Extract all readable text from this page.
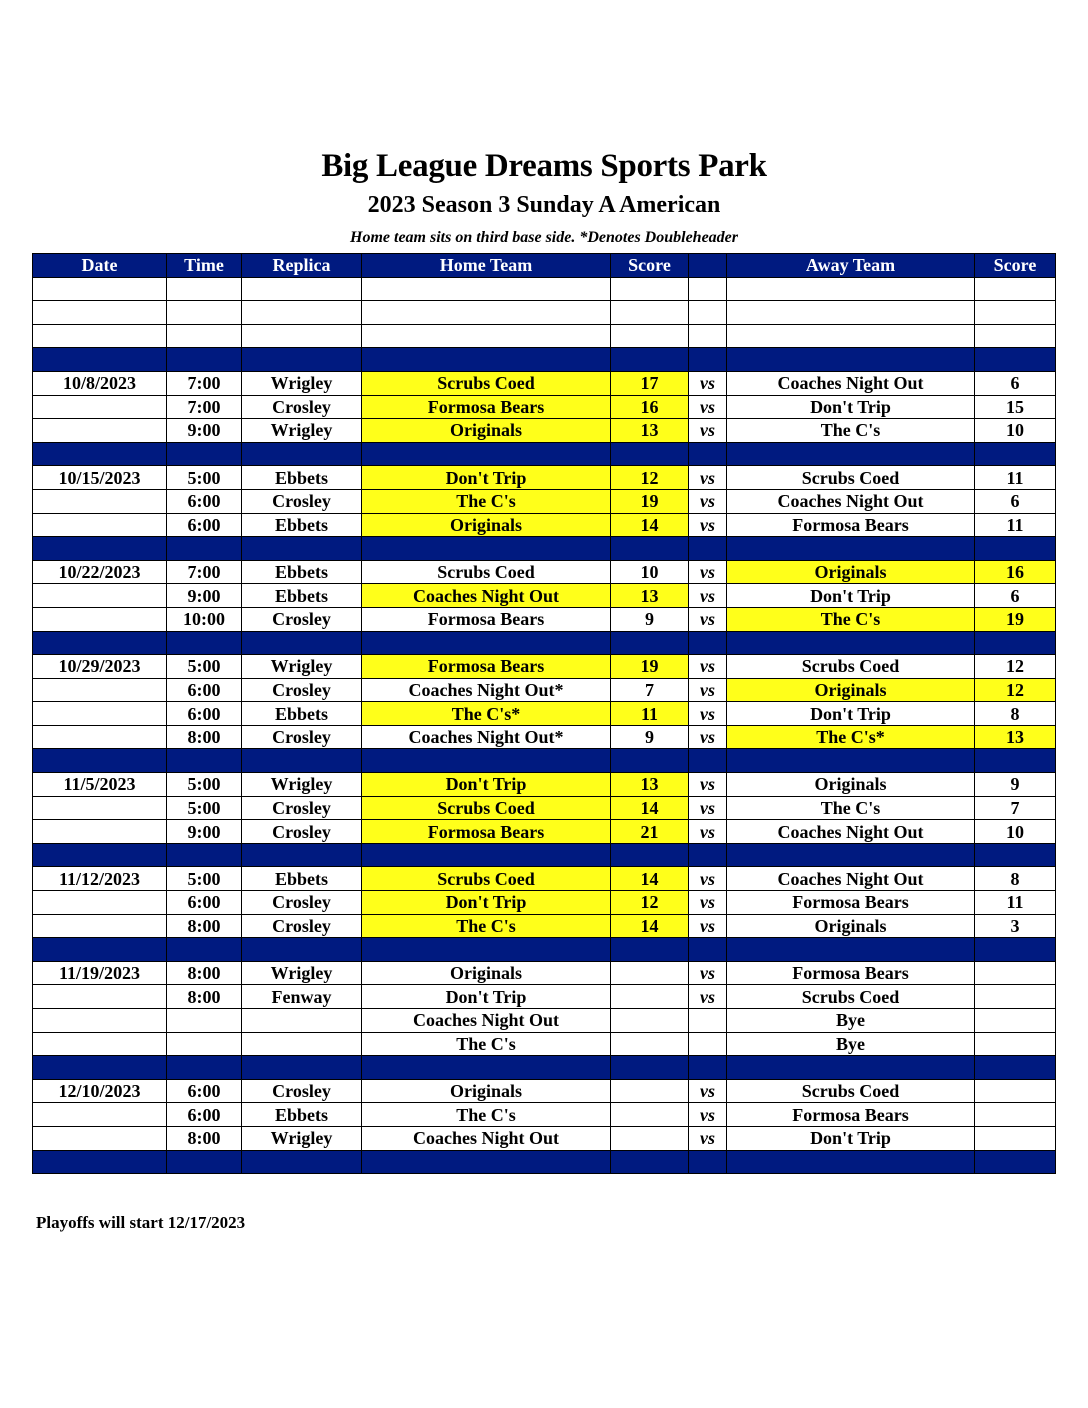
Big League Dreams Sports Park
2023 Season 3 Sunday A American
Home team sits on third base side. *Denotes Doubleheader
Date	Time	Replica	Home Team	Score		Away Team	Score

10/8/2023	7:00	Wrigley	Scrubs Coed	17	vs	Coaches Night Out	6
	7:00	Crosley	Formosa Bears	16	vs	Don't Trip	15
	9:00	Wrigley	Originals	13	vs	The C's	10

10/15/2023	5:00	Ebbets	Don't Trip	12	vs	Scrubs Coed	11
	6:00	Crosley	The C's	19	vs	Coaches Night Out	6
	6:00	Ebbets	Originals	14	vs	Formosa Bears	11

10/22/2023	7:00	Ebbets	Scrubs Coed	10	vs	Originals	16
	9:00	Ebbets	Coaches Night Out	13	vs	Don't Trip	6
	10:00	Crosley	Formosa Bears	9	vs	The C's	19

10/29/2023	5:00	Wrigley	Formosa Bears	19	vs	Scrubs Coed	12
	6:00	Crosley	Coaches Night Out*	7	vs	Originals	12
	6:00	Ebbets	The C's*	11	vs	Don't Trip	8
	8:00	Crosley	Coaches Night Out*	9	vs	The C's*	13

11/5/2023	5:00	Wrigley	Don't Trip	13	vs	Originals	9
	5:00	Crosley	Scrubs Coed	14	vs	The C's	7
	9:00	Crosley	Formosa Bears	21	vs	Coaches Night Out	10

11/12/2023	5:00	Ebbets	Scrubs Coed	14	vs	Coaches Night Out	8
	6:00	Crosley	Don't Trip	12	vs	Formosa Bears	11
	8:00	Crosley	The C's	14	vs	Originals	3

11/19/2023	8:00	Wrigley	Originals		vs	Formosa Bears	
	8:00	Fenway	Don't Trip		vs	Scrubs Coed	
			Coaches Night Out			Bye	
			The C's			Bye	

12/10/2023	6:00	Crosley	Originals		vs	Scrubs Coed	
	6:00	Ebbets	The C's		vs	Formosa Bears	
	8:00	Wrigley	Coaches Night Out		vs	Don't Trip	

Playoffs will start 12/17/2023
